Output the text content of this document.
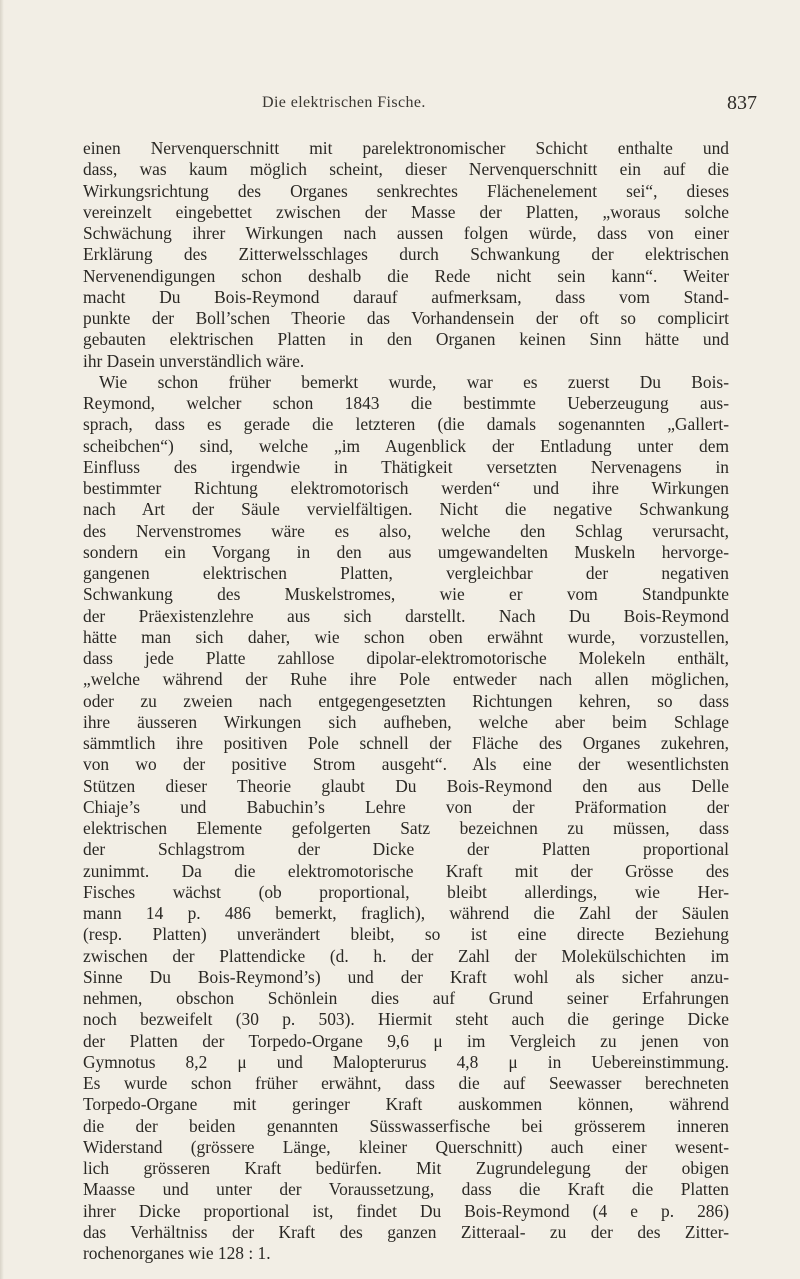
Die elektrischen Fische.	837
einen Nervenquerschnitt mit parelektronomischer Schicht enthalte und
dass, was kaum möglich scheint, dieser Nervenquerschnitt ein auf die
Wirkungsrichtung des Organes senkrechtes Flächenelement sei“, dieses
vereinzelt eingebettet zwischen der Masse der Platten, „woraus solche
Schwächung ihrer Wirkungen nach aussen folgen würde, dass von einer
Erklärung des Zitterwelsschlages durch Schwankung der elektrischen
Nervenendigungen schon deshalb die Rede nicht sein kann“. Weiter
macht Du Bois-Reymond darauf aufmerksam, dass vom Stand-
punkte der Boll’schen Theorie das Vorhandensein der oft so complicirt
gebauten elektrischen Platten in den Organen keinen Sinn hätte und
ihr Dasein unverständlich wäre.
Wie schon früher bemerkt wurde, war es zuerst Du Bois-
Reymond, welcher schon 1843 die bestimmte Ueberzeugung aus-
sprach, dass es gerade die letzteren (die damals sogenannten „Gallert-
scheibchen“) sind, welche „im Augenblick der Entladung unter dem
Einfluss des irgendwie in Thätigkeit versetzten Nervenagens in
bestimmter Richtung elektromotorisch werden“ und ihre Wirkungen
nach Art der Säule vervielfältigen. Nicht die negative Schwankung
des Nervenstromes wäre es also, welche den Schlag verursacht,
sondern ein Vorgang in den aus umgewandelten Muskeln hervorge-
gangenen elektrischen Platten, vergleichbar der negativen
Schwankung des Muskelstromes, wie er vom Standpunkte
der Präexistenzlehre aus sich darstellt. Nach Du Bois-Reymond
hätte man sich daher, wie schon oben erwähnt wurde, vorzustellen,
dass jede Platte zahllose dipolar-elektromotorische Molekeln enthält,
„welche während der Ruhe ihre Pole entweder nach allen möglichen,
oder zu zweien nach entgegengesetzten Richtungen kehren, so dass
ihre äusseren Wirkungen sich aufheben, welche aber beim Schlage
sämmtlich ihre positiven Pole schnell der Fläche des Organes zukehren,
von wo der positive Strom ausgeht“. Als eine der wesentlichsten
Stützen dieser Theorie glaubt Du Bois-Reymond den aus Delle
Chiaje’s und Babuchin’s Lehre von der Präformation der
elektrischen Elemente gefolgerten Satz bezeichnen zu müssen, dass
der Schlagstrom der Dicke der Platten proportional
zunimmt. Da die elektromotorische Kraft mit der Grösse des
Fisches wächst (ob proportional, bleibt allerdings, wie Her-
mann 14 p. 486 bemerkt, fraglich), während die Zahl der Säulen
(resp. Platten) unverändert bleibt, so ist eine directe Beziehung
zwischen der Plattendicke (d. h. der Zahl der Molekülschichten im
Sinne Du Bois-Reymond’s) und der Kraft wohl als sicher anzu-
nehmen, obschon Schönlein dies auf Grund seiner Erfahrungen
noch bezweifelt (30 p. 503). Hiermit steht auch die geringe Dicke
der Platten der Torpedo-Organe 9,6 μ im Vergleich zu jenen von
Gymnotus 8,2 μ und Malopterurus 4,8 μ in Uebereinstimmung.
Es wurde schon früher erwähnt, dass die auf Seewasser berechneten
Torpedo-Organe mit geringer Kraft auskommen können, während
die der beiden genannten Süsswasserfische bei grösserem inneren
Widerstand (grössere Länge, kleiner Querschnitt) auch einer wesent-
lich grösseren Kraft bedürfen. Mit Zugrundelegung der obigen
Maasse und unter der Voraussetzung, dass die Kraft die Platten
ihrer Dicke proportional ist, findet Du Bois-Reymond (4 e p. 286)
das Verhältniss der Kraft des ganzen Zitteraal- zu der des Zitter-
rochenorganes wie 128 : 1.
